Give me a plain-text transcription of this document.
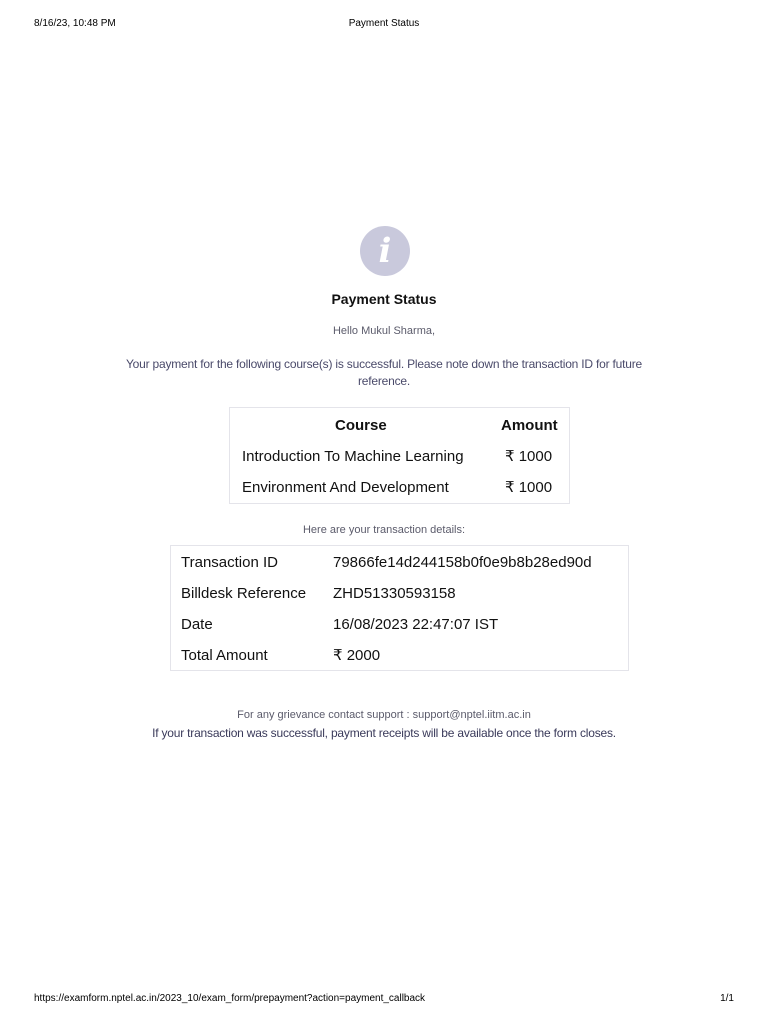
8/16/23, 10:48 PM	Payment Status
i
Payment Status
Hello Mukul Sharma,
Your payment for the following course(s) is successful. Please note down the transaction ID for future reference.
Course	Amount
Introduction To Machine Learning	₹ 1000
Environment And Development	₹ 1000
Here are your transaction details:
Transaction ID	79866fe14d244158b0f0e9b8b28ed90d
Billdesk Reference ZHD51330593158
Date	16/08/2023 22:47:07 IST
Total Amount	₹ 2000
For any grievance contact support : support@nptel.iitm.ac.in
If your transaction was successful, payment receipts will be available once the form closes.
https://examform.nptel.ac.in/2023_10/exam_form/prepayment?action=payment_callback	1/1
